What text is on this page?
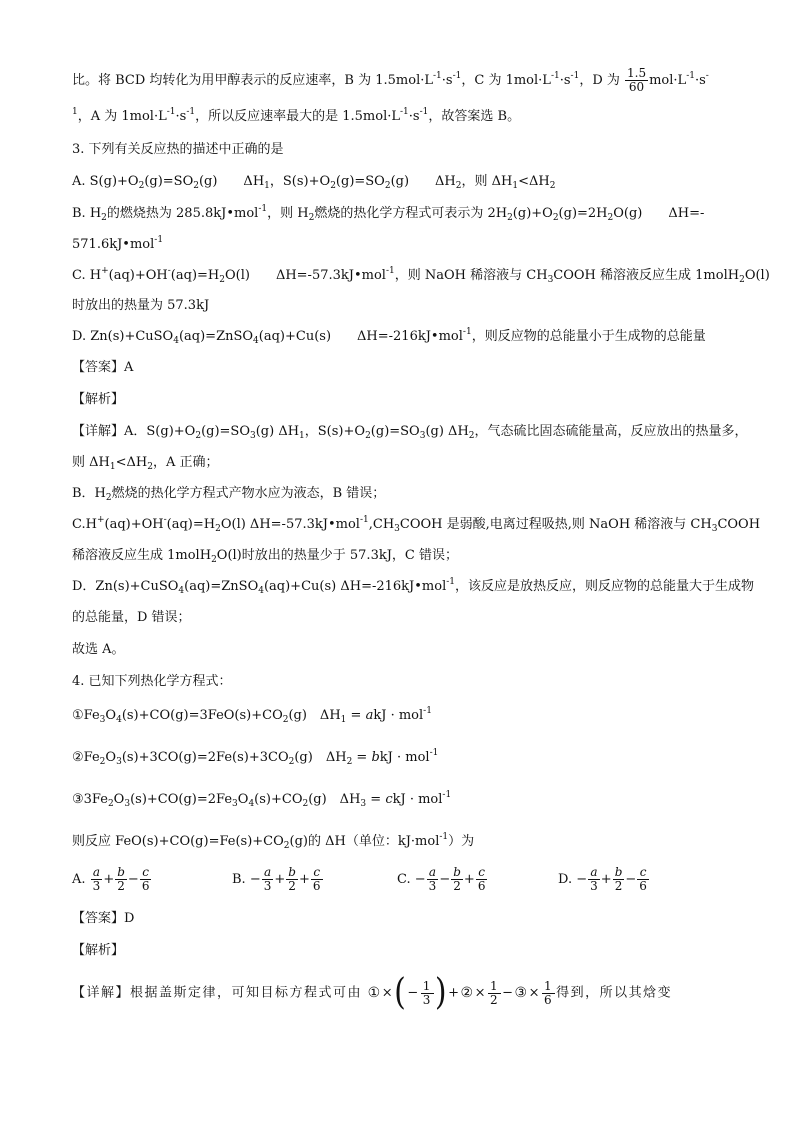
比。将 BCD 均转化为用甲醇表示的反应速率，B 为 $1.5mol\cdot L^{-1}\cdot s^{-1}$，C 为 $1mol\cdot L^{-1}\cdot s^{-1}$，D 为 $\frac{1.5}{60} mol\cdot L^{-1}\cdot s^-$
$^1$，A 为 $1mol\cdot L^{-1}\cdot s^{-1}$，所以反应速率最大的是 $1.5mol\cdot L^{-1}\cdot s^{-1}$，故答案选 B。
3. 下列有关反应热的描述中正确的是
A. $S(g)+O_2(g)=SO_2(g)$　　$\Delta H_1$，$S(s)+O_2(g)=SO_2(g)$　　$\Delta H_2$，则 $\Delta H_1<\Delta H_2$
B. $H_2$的燃烧热为 285.8kJ•mol$^{-1}$，则 $H_2$燃烧的热化学方程式可表示为 $2H_2(g)+O_2(g)=2H_2O(g)$　　ΔH=-
571.6kJ•mol$^{-1}$
C. $H^+(aq)+OH^-(aq)=H_2O(l)$　　ΔH=-57.3kJ•mol$^{-1}$，则 NaOH 稀溶液与 $CH_3COOH$ 稀溶液反应生成 1molH$_2$O(l)
时放出的热量为 57.3kJ
D. Zn(s)+CuSO$_4$(aq)=ZnSO$_4$(aq)+Cu(s)　　ΔH=-216kJ•mol$^{-1}$，则反应物的总能量小于生成物的总能量
【答案】A
【解析】
【详解】A．$S(g)+O_2(g)=SO_3(g)$ $\Delta H_1$，$S(s)+O_2(g)=SO_3(g)$ $\Delta H_2$，气态硫比固态硫能量高，反应放出的热量多，
则 $\Delta H_1<\Delta H_2$，A 正确；
B．$H_2$燃烧的热化学方程式产物水应为液态，B 错误；
$C.H^+(aq)+OH^-(aq)=H_2O(l)$ $\Delta H=-57.3kJ•mol^{-1},CH_3COOH$ 是弱酸,电离过程吸热,则 NaOH 稀溶液与 $CH_3COOH$
稀溶液反应生成 1molH$_2$O(l)时放出的热量少于 57.3kJ，C 错误；
D．Zn(s)+CuSO$_4$(aq)=ZnSO$_4$(aq)+Cu(s) ΔH=-216kJ•mol$^{-1}$，该反应是放热反应，则反应物的总能量大于生成物
的总能量，D 错误；
故选 A。
4. 已知下列热化学方程式：
$①Fe_3O_4(s)+CO(g)=3FeO(s)+CO_2(g)$　$\Delta H_1$ = akJ · mol$^{-1}$
$②Fe_2O_3(s)+3CO(g)=2Fe(s)+3CO_2(g)$　$\Delta H_2$ = bkJ · mol$^{-1}$
$③3Fe_2O_3(s)+CO(g)=2Fe_3O_4(s)+CO_2(g)$　$\Delta H_3$ = ckJ · mol$^{-1}$
则反应 $FeO(s)+CO(g)=Fe(s)+CO_2(g)$的 ΔH（单位：kJ·mol$^{-1}$）为
A. $\frac{a}{3} + \frac{b}{2} - \frac{c}{6}$	B. − $\frac{a}{3} + \frac{b}{2} + \frac{c}{6}$	C. − $\frac{a}{3} - \frac{b}{2} + \frac{c}{6}$	D. − $\frac{a}{3} + \frac{b}{2} - \frac{c}{6}$
【答案】D
【解析】
【详解】根据盖斯定律，可知目标方程式可由 ①×(− $\frac{1}{3}$ )+②× $\frac{1}{2}$ −③× $\frac{1}{6}$ 得到，所以其焓变
